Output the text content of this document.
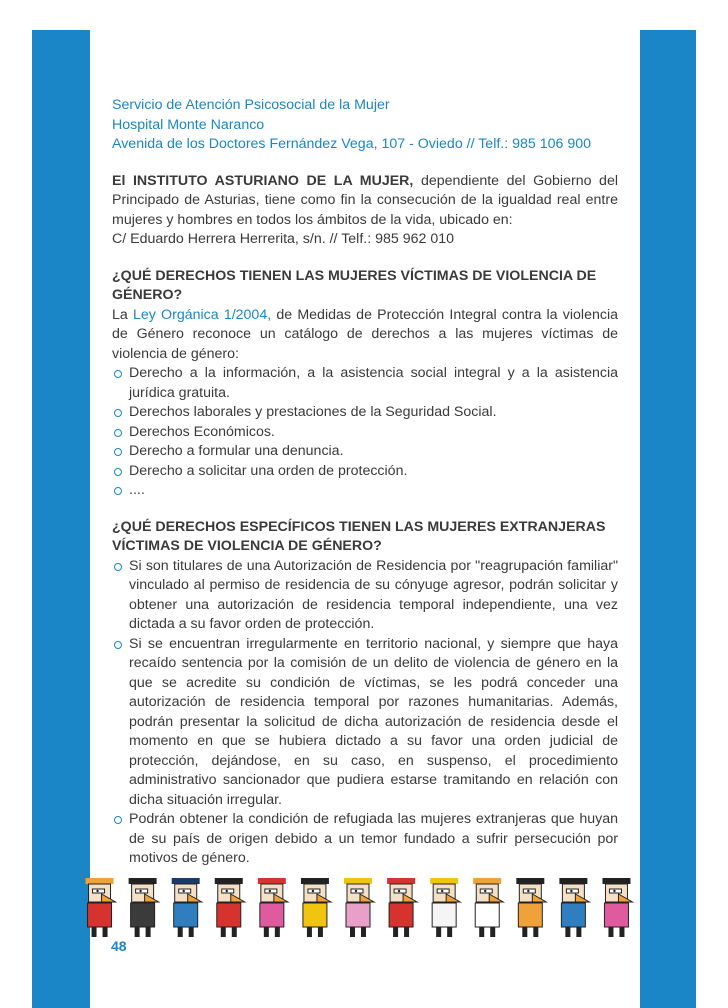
Servicio de Atención Psicosocial de la Mujer

Hospital Monte Naranco

Avenida de los Doctores Fernández Vega, 107 - Oviedo // Telf.: 985 106 900

El INSTITUTO ASTURIANO DE LA MUJER, dependiente del Gobierno del Principado de Asturias, tiene como fin la consecución de la igualdad real entre mujeres y hombres en todos los ámbitos de la vida, ubicado en:

C/ Eduardo Herrera Herrerita, s/n. // Telf.: 985 962 010

¿QUÉ DERECHOS TIENEN LAS MUJERES VÍCTIMAS DE VIOLENCIA DE GÉNERO?

La Ley Orgánica 1/2004, de Medidas de Protección Integral contra la violencia de Género reconoce un catálogo de derechos a las mujeres víctimas de violencia de género:

Derecho a la información, a la asistencia social integral y a la asistencia jurídica gratuita.
Derechos laborales y prestaciones de la Seguridad Social.
Derechos Económicos.
Derecho a formular una denuncia.
Derecho a solicitar una orden de protección.
....

¿QUÉ DERECHOS ESPECÍFICOS TIENEN LAS MUJERES EXTRANJERAS VÍCTIMAS DE VIOLENCIA DE GÉNERO?

Si son titulares de una Autorización de Residencia por "reagrupación familiar" vinculado al permiso de residencia de su cónyuge agresor, podrán solicitar y obtener una autorización de residencia temporal independiente, una vez dictada a su favor orden de protección.
Si se encuentran irregularmente en territorio nacional, y siempre que haya recaído sentencia por la comisión de un delito de violencia de género en la que se acredite su condición de víctimas, se les podrá conceder una autorización de residencia temporal por razones humanitarias. Además, podrán presentar la solicitud de dicha autorización de residencia desde el momento en que se hubiera dictado a su favor una orden judicial de protección, dejándose, en su caso, en suspenso, el procedimiento administrativo sancionador que pudiera estarse tramitando en relación con dicha situación irregular.
Podrán obtener la condición de refugiada las mujeres extranjeras que huyan de su país de origen debido a un temor fundado a sufrir persecución por motivos de género.
48
